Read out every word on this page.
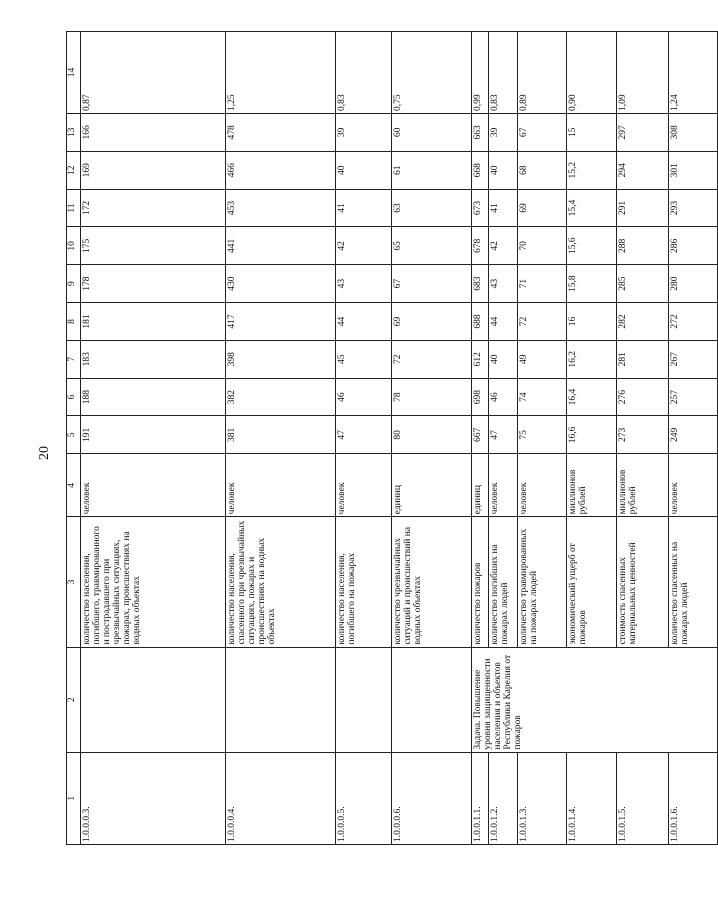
20
1	2	3	4	5	6	7	8	9	10	11	12	13	14
1.0.0.0.3.		количество населения, погибшего, травмированного и пострадавшего при чрезвычайных ситуациях, пожарах, происшествиях на водных объектах	человек	191	188	183	181	178	175	172	169	166	0,87
1.0.0.0.4.		количество населения, спасенного при чрезвычайных ситуациях, пожарах и происшествиях на водных объектах	человек	381	382	398	417	430	441	453	466	478	1,25
1.0.0.0.5.		количество населения, погибшего на пожарах	человек	47	46	45	44	43	42	41	40	39	0,83
1.0.0.0.6.		количество чрезвычайных ситуаций и происшествий на водных объектах	единиц	80	78	72	69	67	65	63	61	60	0,75
1.0.0.1.1.	Задача. Повышение уровня защищенности населения и объектов Республики Карелия от пожаров	количество пожаров	единиц	667	698	612	688	683	678	673	668	663	0,99
1.0.0.1.2.		количество погибших на пожарах людей	человек	47	46	40	44	43	42	41	40	39	0,83
1.0.0.1.3.		количество травмированных на пожарах людей	человек	75	74	49	72	71	70	69	68	67	0,89
1.0.0.1.4.		экономический ущерб от пожаров	миллионов рублей	16,6	16,4	16,2	16	15,8	15,6	15,4	15,2	15	0,90
1.0.0.1.5.		стоимость спасенных материальных ценностей	миллионов рублей	273	276	281	282	285	288	291	294	297	1,09
1.0.0.1.6.		количество спасенных на пожарах людей	человек	249	257	267	272	280	286	293	301	308	1,24
